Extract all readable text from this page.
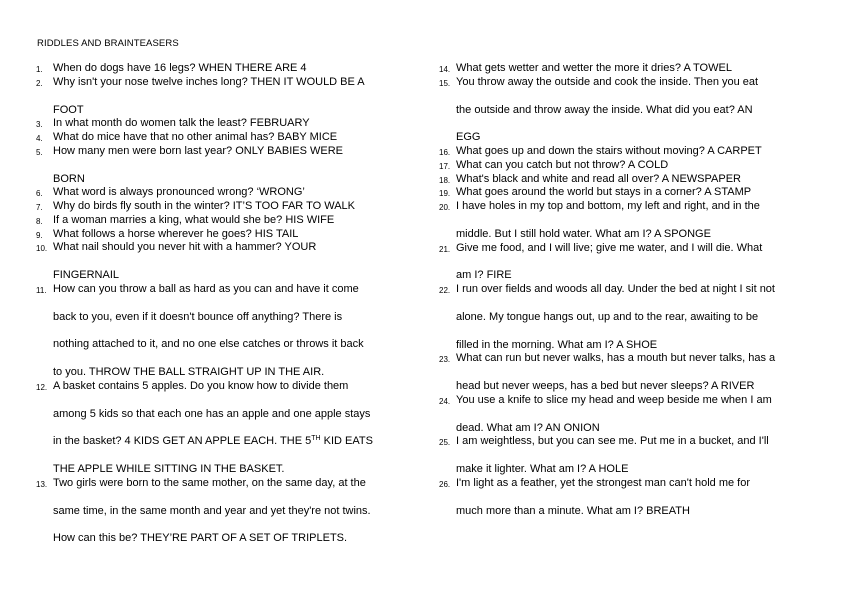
RIDDLES AND BRAINTEASERS
1. When do dogs have 16 legs? WHEN THERE ARE 4
2. Why isn't your nose twelve inches long? THEN IT WOULD BE A
FOOT
3. In what month do women talk the least? FEBRUARY
4. What do mice have that no other animal has? BABY MICE
5. How many men were born last year? ONLY BABIES WERE
BORN
6. What word is always pronounced wrong? ‘WRONG’
7. Why do birds fly south in the winter? IT’S TOO FAR TO WALK
8. If a woman marries a king, what would she be? HIS WIFE
9. What follows a horse wherever he goes? HIS TAIL
10. What nail should you never hit with a hammer? YOUR
FINGERNAIL
11. How can you throw a ball as hard as you can and have it come
back to you, even if it doesn't bounce off anything? There is
nothing attached to it, and no one else catches or throws it back
to you. THROW THE BALL STRAIGHT UP IN THE AIR.
12. A basket contains 5 apples. Do you know how to divide them
among 5 kids so that each one has an apple and one apple stays
in the basket? 4 KIDS GET AN APPLE EACH. THE 5TH KID EATS
THE APPLE WHILE SITTING IN THE BASKET.
13. Two girls were born to the same mother, on the same day, at the
same time, in the same month and year and yet they're not twins.
How can this be? THEY’RE PART OF A SET OF TRIPLETS.
14. What gets wetter and wetter the more it dries? A TOWEL
15. You throw away the outside and cook the inside. Then you eat
the outside and throw away the inside. What did you eat? AN
EGG
16. What goes up and down the stairs without moving? A CARPET
17. What can you catch but not throw? A COLD
18. What's black and white and read all over? A NEWSPAPER
19. What goes around the world but stays in a corner? A STAMP
20. I have holes in my top and bottom, my left and right, and in the
middle. But I still hold water. What am I? A SPONGE
21. Give me food, and I will live; give me water, and I will die. What
am I? FIRE
22. I run over fields and woods all day. Under the bed at night I sit not
alone. My tongue hangs out, up and to the rear, awaiting to be
filled in the morning. What am I? A SHOE
23. What can run but never walks, has a mouth but never talks, has a
head but never weeps, has a bed but never sleeps? A RIVER
24. You use a knife to slice my head and weep beside me when I am
dead. What am I? AN ONION
25. I am weightless, but you can see me. Put me in a bucket, and I'll
make it lighter. What am I? A HOLE
26. I'm light as a feather, yet the strongest man can't hold me for
much more than a minute. What am I? BREATH
